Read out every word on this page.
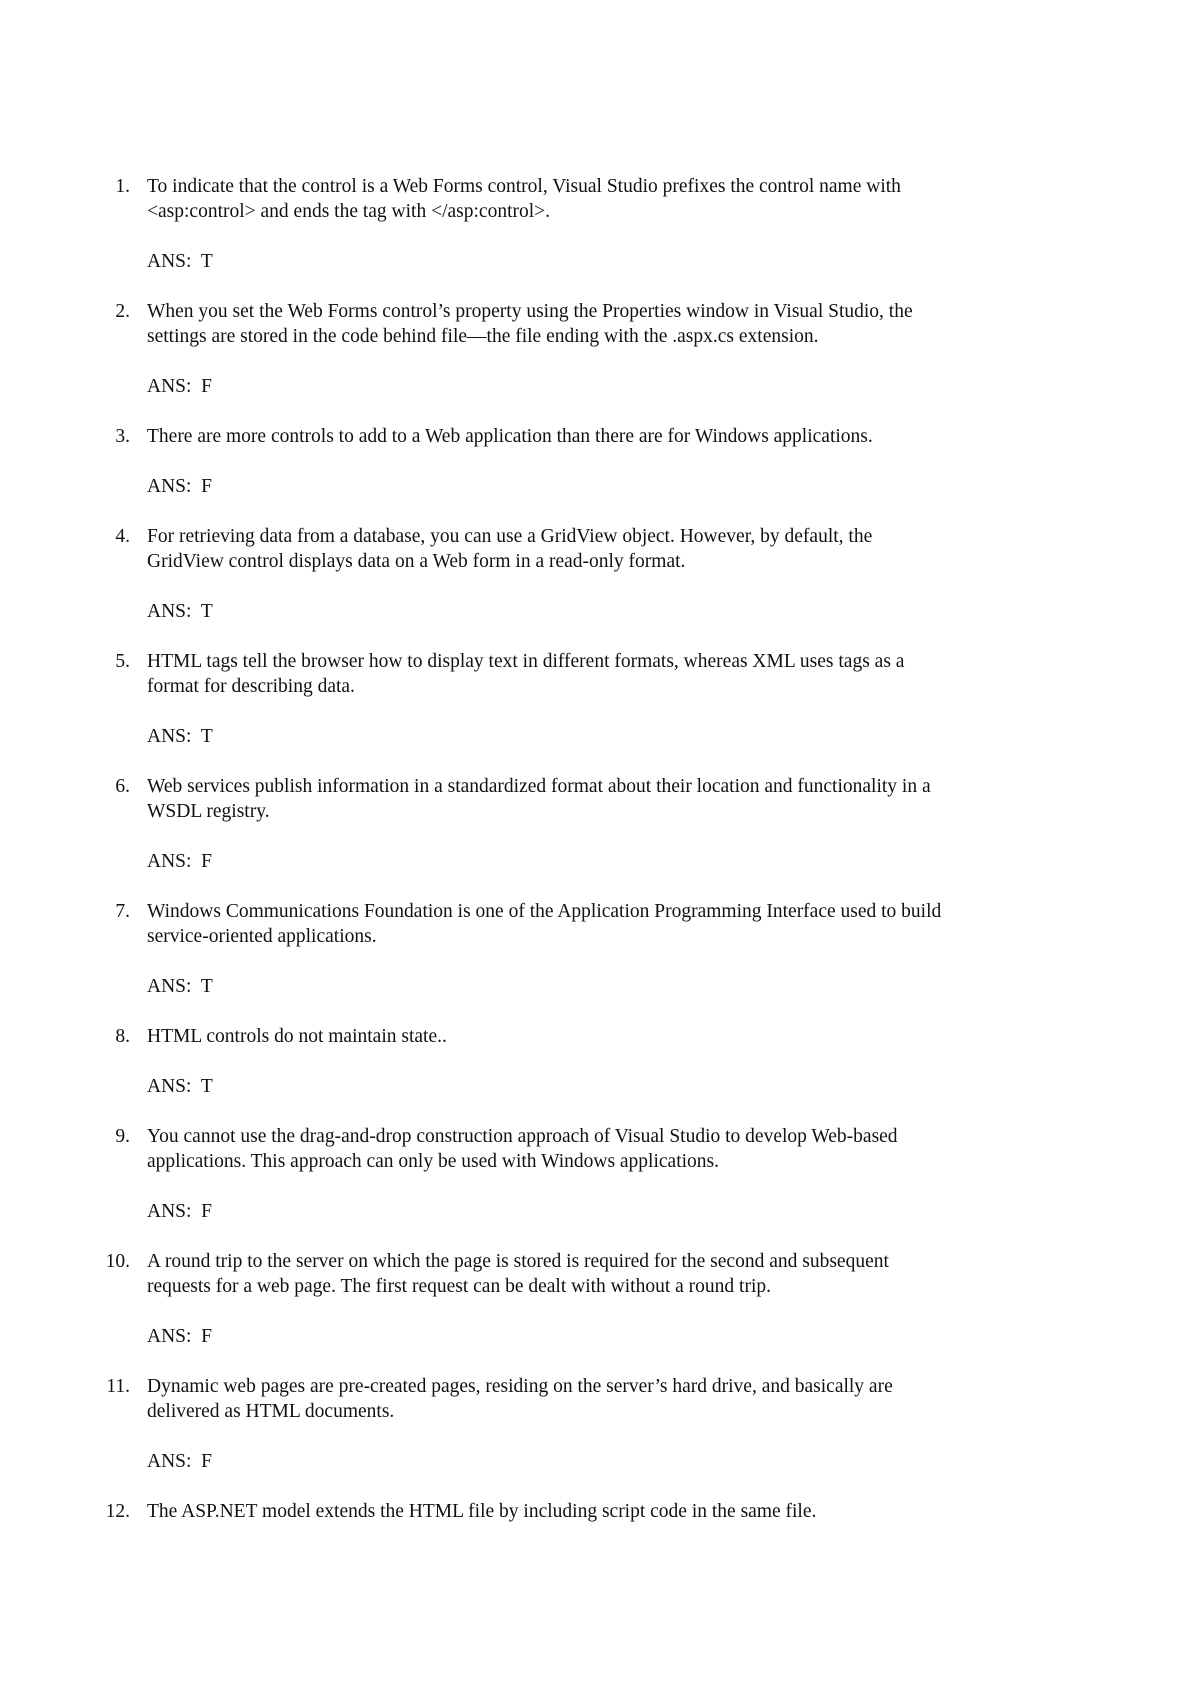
1. To indicate that the control is a Web Forms control, Visual Studio prefixes the control name with
<asp:control> and ends the tag with </asp:control>.
ANS:  T
2. When you set the Web Forms control’s property using the Properties window in Visual Studio, the
settings are stored in the code behind file—the file ending with the .aspx.cs extension.
ANS:  F
3. There are more controls to add to a Web application than there are for Windows applications.
ANS:  F
4. For retrieving data from a database, you can use a GridView object. However, by default, the
GridView control displays data on a Web form in a read-only format.
ANS:  T
5. HTML tags tell the browser how to display text in different formats, whereas XML uses tags as a
format for describing data.
ANS:  T
6. Web services publish information in a standardized format about their location and functionality in a
WSDL registry.
ANS:  F
7. Windows Communications Foundation is one of the Application Programming Interface used to build
service-oriented applications.
ANS:  T
8. HTML controls do not maintain state..
ANS:  T
9. You cannot use the drag-and-drop construction approach of Visual Studio to develop Web-based
applications. This approach can only be used with Windows applications.
ANS:  F
10. A round trip to the server on which the page is stored is required for the second and subsequent
requests for a web page. The first request can be dealt with without a round trip.
ANS:  F
11. Dynamic web pages are pre-created pages, residing on the server’s hard drive, and basically are
delivered as HTML documents.
ANS:  F
12. The ASP.NET model extends the HTML file by including script code in the same file.
